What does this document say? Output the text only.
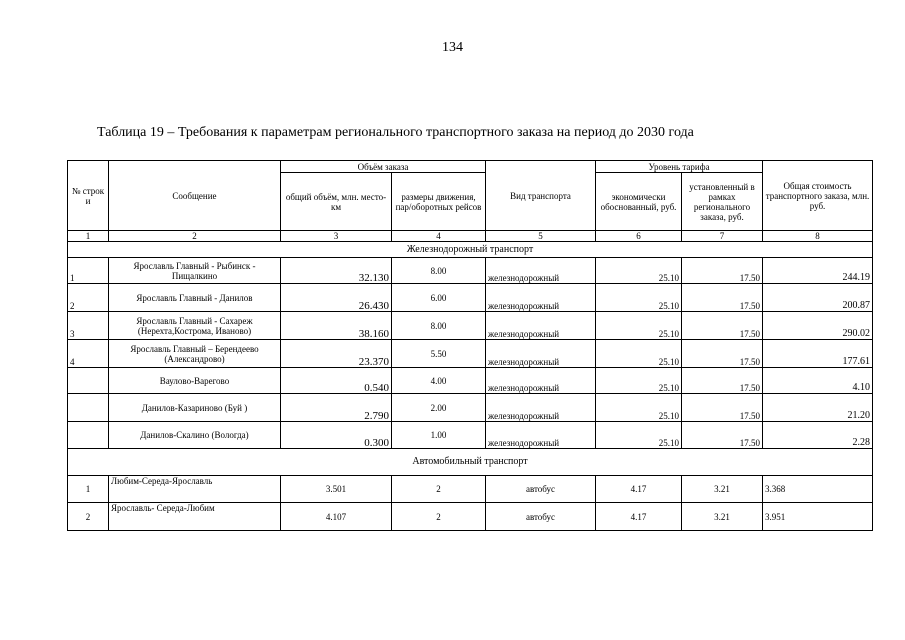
134
Таблица 19 – Требования к параметрам регионального транспортного заказа на период до 2030 года
№ строк и	Сообщение	Объём заказа		Вид транспорта	Уровень тарифа		Общая стоимость транспортного заказа, млн. руб.
		общий объём, млн. место-км	размеры движения, пар/оборотных рейсов		экономически обоснованный, руб.	установленный в рамках регионального заказа, руб.	
1	2	3	4	5	6	7	8
Железнодорожный транспорт							
1	Ярославль Главный - Рыбинск - Пищалкино	32.130	8.00	железнодорожный	25.10	17.50	244.19
2	Ярославль Главный - Данилов	26.430	6.00	железнодорожный	25.10	17.50	200.87
3	Ярославль Главный - Сахареж (Нерехта,Кострома, Иваново)	38.160	8.00	железнодорожный	25.10	17.50	290.02
4	Ярославль Главный – Берендеево (Александрово)	23.370	5.50	железнодорожный	25.10	17.50	177.61
	Ваулово-Варегово	0.540	4.00	железнодорожный	25.10	17.50	4.10
	Данилов-Казариново (Буй )	2.790	2.00	железнодорожный	25.10	17.50	21.20
	Данилов-Скалино (Вологда)	0.300	1.00	железнодорожный	25.10	17.50	2.28
Автомобильный транспорт							
1	Любим-Середа-Ярославль	3.501	2	автобус	4.17	3.21	3.368
2	Ярославль- Середа-Любим	4.107	2	автобус	4.17	3.21	3.951
